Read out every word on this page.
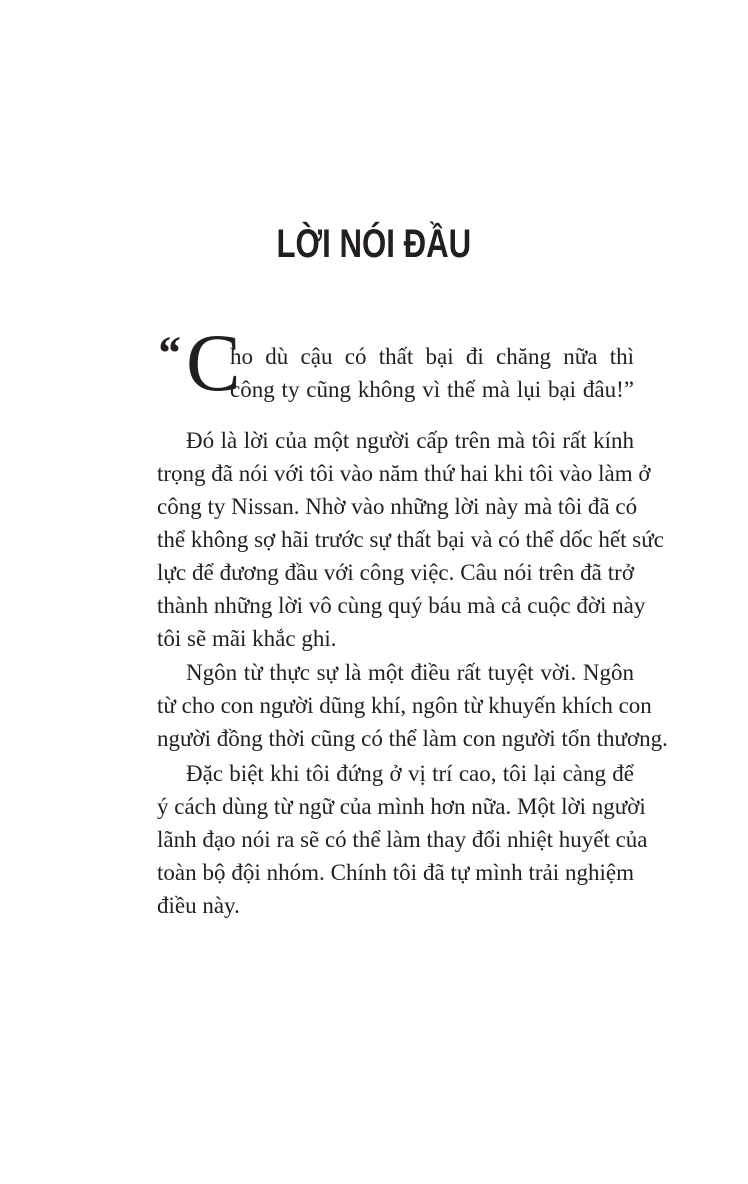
LỜI NÓI ĐẦU
“ C
ho dù cậu có thất bại đi chăng nữa thì
công ty cũng không vì thế mà lụi bại đâu!”
Đó là lời của một người cấp trên mà tôi rất kính
trọng đã nói với tôi vào năm thứ hai khi tôi vào làm ở
công ty Nissan. Nhờ vào những lời này mà tôi đã có
thể không sợ hãi trước sự thất bại và có thể dốc hết sức
lực để đương đầu với công việc. Câu nói trên đã trở
thành những lời vô cùng quý báu mà cả cuộc đời này
tôi sẽ mãi khắc ghi.
Ngôn từ thực sự là một điều rất tuyệt vời. Ngôn
từ cho con người dũng khí, ngôn từ khuyến khích con
người đồng thời cũng có thể làm con người tổn thương.
Đặc biệt khi tôi đứng ở vị trí cao, tôi lại càng để
ý cách dùng từ ngữ của mình hơn nữa. Một lời người
lãnh đạo nói ra sẽ có thể làm thay đổi nhiệt huyết của
toàn bộ đội nhóm. Chính tôi đã tự mình trải nghiệm
điều này.
